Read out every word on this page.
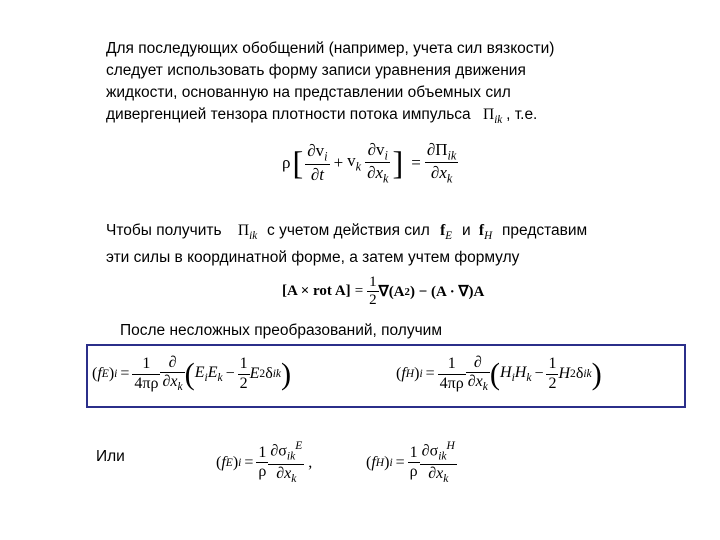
Для последующих обобщений (например, учета сил вязкости)
следует использовать форму записи уравнения движения
жидкости, основанную на представлении объемных сил
дивергенцией тензора плотности потока импульса $\Pi_{ik}$ , т.е.
ρ [ $\frac{\partial v_i}{\partial t} + v_k \frac{\partial v_i}{\partial x_k}$ ] = $\frac{\partial\Pi_{ik}}{\partial x_k}$
Чтобы получить $\Pi_{ik}$ с учетом действия сил $f_E$ и $f_H$ представим
эти силы в координатной форме, а затем учтем формулу
[A × rot $A] = \frac{1}{2} \nabla(A$ 2 ) − (A · ∇)A
После несложных преобразований, получим
( f E ) $i = \frac{1}{4\pi\rho} \frac{\partial}{\partial x_k}$ ( $E_iE_k - \frac{1}{2}$ E 2 δ ik )	( f H ) $i = \frac{1}{4\pi\rho} \frac{\partial}{\partial x_k}$ ( $H_iH_k - \frac{1}{2}$ H 2 δ ik )
Или	( f E ) $i = \frac{1}{\rho} \frac{\partial\sigma_{ik}^E}{\partial x_k}$ ,	( f H ) $i = \frac{1}{\rho} \frac{\partial\sigma_{ik}^H}{\partial x_k}$
